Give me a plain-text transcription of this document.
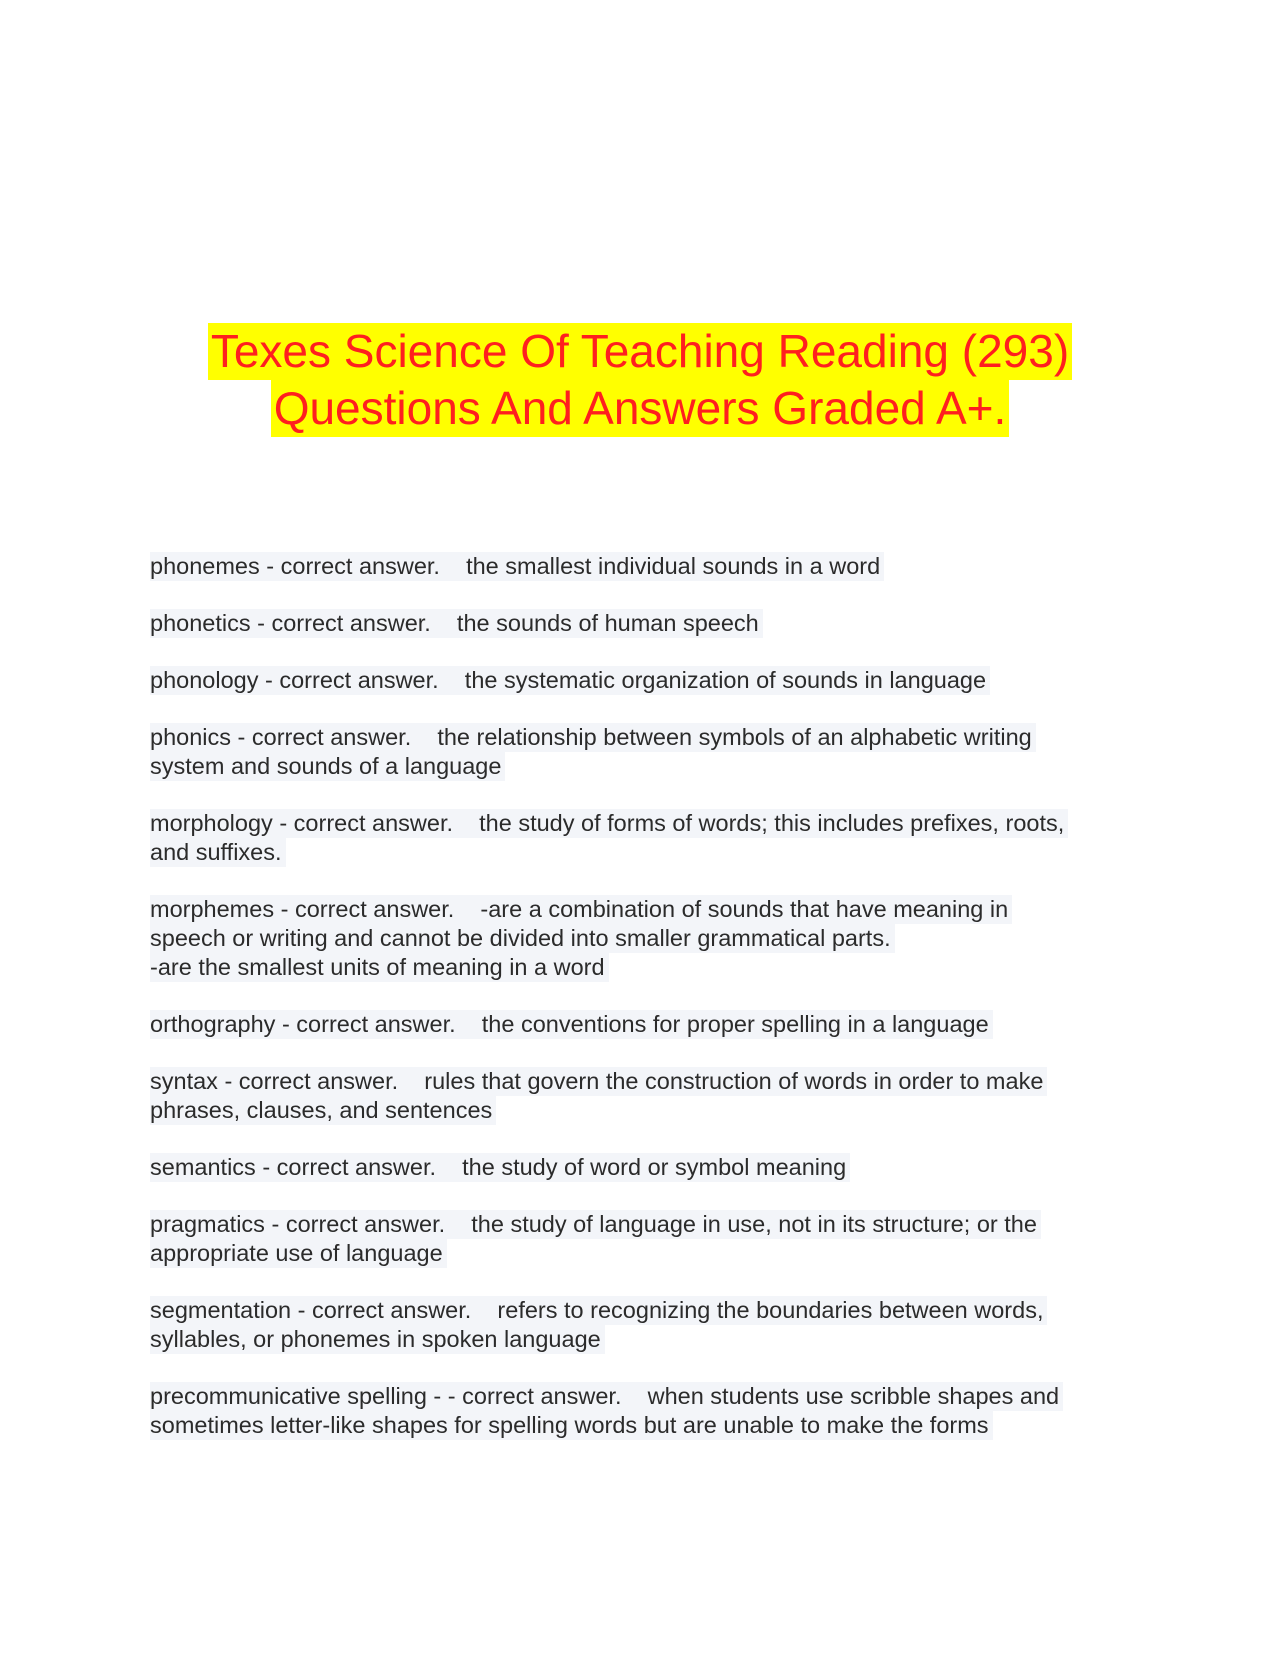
Texes Science Of Teaching Reading (293)
Questions And Answers Graded A+.
phonemes - correct answer.    the smallest individual sounds in a word
phonetics - correct answer.    the sounds of human speech
phonology - correct answer.    the systematic organization of sounds in language
phonics - correct answer.    the relationship between symbols of an alphabetic writing
system and sounds of a language
morphology - correct answer.    the study of forms of words; this includes prefixes, roots,
and suffixes.
morphemes - correct answer.    -are a combination of sounds that have meaning in
speech or writing and cannot be divided into smaller grammatical parts.
-are the smallest units of meaning in a word
orthography - correct answer.    the conventions for proper spelling in a language
syntax - correct answer.    rules that govern the construction of words in order to make
phrases, clauses, and sentences
semantics - correct answer.    the study of word or symbol meaning
pragmatics - correct answer.    the study of language in use, not in its structure; or the
appropriate use of language
segmentation - correct answer.    refers to recognizing the boundaries between words,
syllables, or phonemes in spoken language
precommunicative spelling - - correct answer.    when students use scribble shapes and
sometimes letter-like shapes for spelling words but are unable to make the forms
